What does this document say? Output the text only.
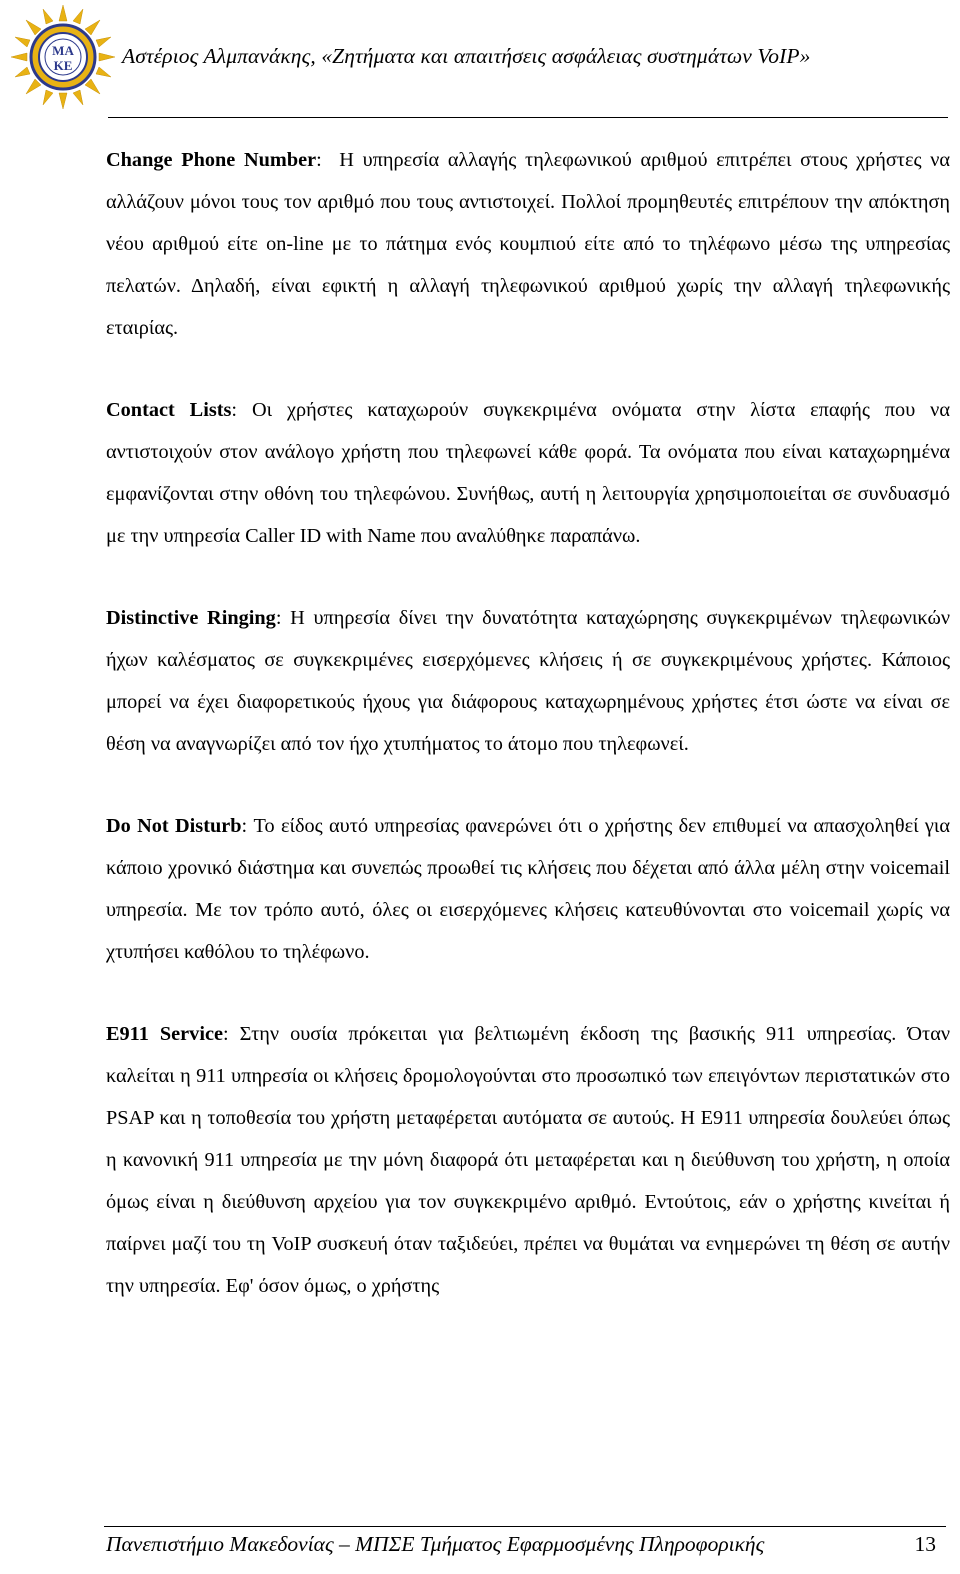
ΜΑ
ΚΕ Αστέριος Αλμπανάκης, «Ζητήματα και απαιτήσεις ασφάλειας συστημάτων VoIP»

Change Phone Number:  Η υπηρεσία αλλαγής τηλεφωνικού αριθμού επιτρέπει στους χρήστες να αλλάζουν μόνοι τους τον αριθμό που τους αντιστοιχεί. Πολλοί προμηθευτές επιτρέπουν την απόκτηση νέου αριθμού είτε on-line με το πάτημα ενός κουμπιού είτε από το τηλέφωνο μέσω της υπηρεσίας πελατών. Δηλαδή, είναι εφικτή η αλλαγή τηλεφωνικού αριθμού χωρίς την αλλαγή τηλεφωνικής εταιρίας.

Contact Lists: Οι χρήστες καταχωρούν συγκεκριμένα ονόματα στην λίστα επαφής που να αντιστοιχούν στον ανάλογο χρήστη που τηλεφωνεί κάθε φορά. Τα ονόματα που είναι καταχωρημένα εμφανίζονται στην οθόνη του τηλεφώνου. Συνήθως, αυτή η λειτουργία χρησιμοποιείται σε συνδυασμό με την υπηρεσία Caller ID with Name που αναλύθηκε παραπάνω.

Distinctive Ringing: Η υπηρεσία δίνει την δυνατότητα καταχώρησης συγκεκριμένων τηλεφωνικών ήχων καλέσματος σε συγκεκριμένες εισερχόμενες κλήσεις ή σε συγκεκριμένους χρήστες. Κάποιος μπορεί να έχει διαφορετικούς ήχους για διάφορους καταχωρημένους χρήστες έτσι ώστε να είναι σε θέση να αναγνωρίζει από τον ήχο χτυπήματος το άτομο που τηλεφωνεί.

Do Not Disturb: Το είδος αυτό υπηρεσίας φανερώνει ότι ο χρήστης δεν επιθυμεί να απασχοληθεί για κάποιο χρονικό διάστημα και συνεπώς προωθεί τις κλήσεις που δέχεται από άλλα μέλη στην voicemail υπηρεσία. Με τον τρόπο αυτό, όλες οι εισερχόμενες κλήσεις κατευθύνονται στο voicemail χωρίς να χτυπήσει καθόλου το τηλέφωνο.

E911 Service: Στην ουσία πρόκειται για βελτιωμένη έκδοση της βασικής 911 υπηρεσίας. Όταν καλείται η 911 υπηρεσία οι κλήσεις δρομολογούνται στο προσωπικό των επειγόντων περιστατικών στο PSAP και η τοποθεσία του χρήστη μεταφέρεται αυτόματα σε αυτούς. Η E911 υπηρεσία δουλεύει όπως η κανονική 911 υπηρεσία με την μόνη διαφορά ότι μεταφέρεται και η διεύθυνση του χρήστη, η οποία όμως είναι η διεύθυνση αρχείου για τον συγκεκριμένο αριθμό. Εντούτοις, εάν ο χρήστης κινείται ή παίρνει μαζί του τη VoIP συσκευή όταν ταξιδεύει, πρέπει να θυμάται να ενημερώνει τη θέση σε αυτήν την υπηρεσία. Εφ' όσον όμως, ο χρήστης

Πανεπιστήμιο Μακεδονίας – ΜΠΣΕ Τμήματος Εφαρμοσμένης Πληροφορικής	13
